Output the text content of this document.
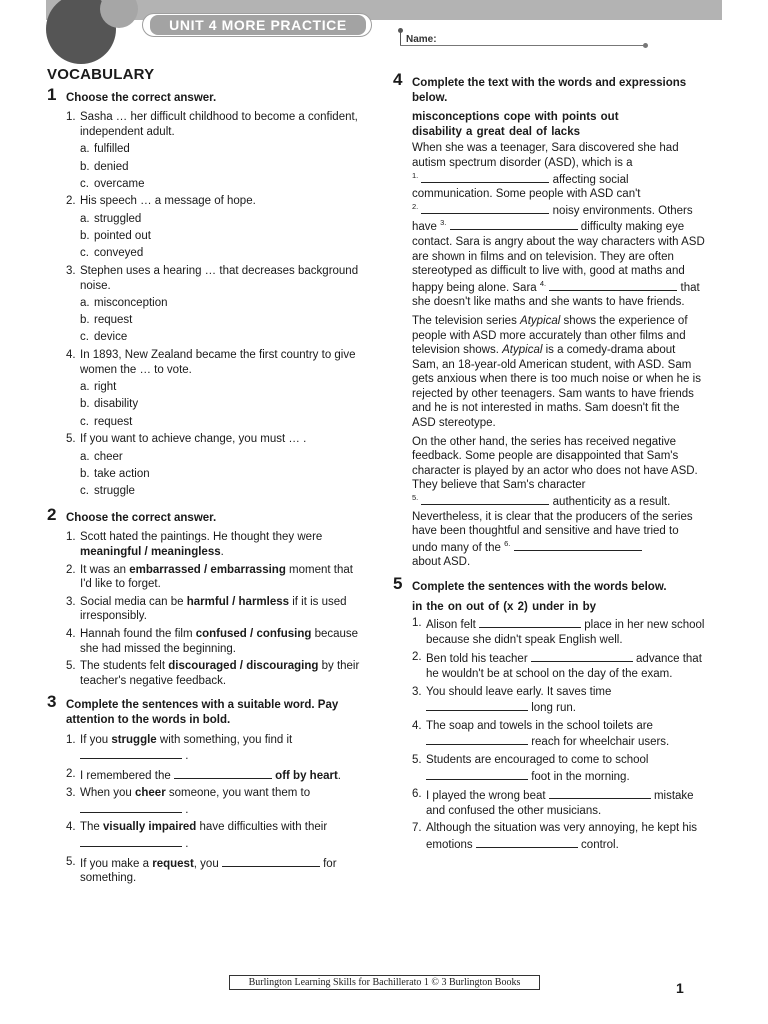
UNIT 4 MORE PRACTICE
Name:
VOCABULARY
1 Choose the correct answer.
1. Sasha … her difficult childhood to become a confident, independent adult.
a. fulfilled
b. denied
c. overcame
2. His speech … a message of hope.
a. struggled
b. pointed out
c. conveyed
3. Stephen uses a hearing … that decreases background noise.
a. misconception
b. request
c. device
4. In 1893, New Zealand became the first country to give women the … to vote.
a. right
b. disability
c. request
5. If you want to achieve change, you must … .
a. cheer
b. take action
c. struggle
2 Choose the correct answer.
1. Scott hated the paintings. He thought they were meaningful / meaningless.
2. It was an embarrassed / embarrassing moment that I'd like to forget.
3. Social media can be harmful / harmless if it is used irresponsibly.
4. Hannah found the film confused / confusing because she had missed the beginning.
5. The students felt discouraged / discouraging by their teacher's negative feedback.
3 Complete the sentences with a suitable word. Pay attention to the words in bold.
1. If you struggle with something, you find it
.
2. I remembered the	off by heart.
3. When you cheer someone, you want them to
.
4. The visually impaired have difficulties with their
.
5. If you make a request, you	for something.
4 Complete the text with the words and expressions below.
misconceptions cope with points out
disability a great deal of lacks
When she was a teenager, Sara discovered she had autism spectrum disorder (ASD), which is a
$^{1.}$	affecting social communication. Some people with ASD can't
$^{2.}$	noisy environments. Others have $^{3.}$	difficulty making eye contact. Sara is angry about the way characters with ASD are shown in films and on television. They are often stereotyped as difficult to live with, good at maths and happy being alone. Sara $^{4.}$	that she doesn't like maths and she wants to have friends.
The television series Atypical shows the experience of people with ASD more accurately than other films and television shows. Atypical is a comedy-drama about Sam, an 18-year-old American student, with ASD. Sam gets anxious when there is too much noise or when he is rejected by other teenagers. Sam wants to have friends and he is not interested in maths. Sam doesn't fit the ASD stereotype.
On the other hand, the series has received negative feedback. Some people are disappointed that Sam's character is played by an actor who does not have ASD. They believe that Sam's character
$^{5.}$	authenticity as a result. Nevertheless, it is clear that the producers of the series have been thoughtful and sensitive and have tried to undo many of the $^{6.}$
about ASD.
5 Complete the sentences with the words below.
in the on out of (x 2) under in by
1. Alison felt	place in her new school because she didn't speak English well.
2. Ben told his teacher	advance that he wouldn't be at school on the day of the exam.
3. You should leave early. It saves time
long run.
4. The soap and towels in the school toilets are
reach for wheelchair users.
5. Students are encouraged to come to school
foot in the morning.
6. I played the wrong beat	mistake and confused the other musicians.
7. Although the situation was very annoying, he kept his emotions	control.
Burlington Learning Skills for Bachillerato 1 © 3 Burlington Books	1
